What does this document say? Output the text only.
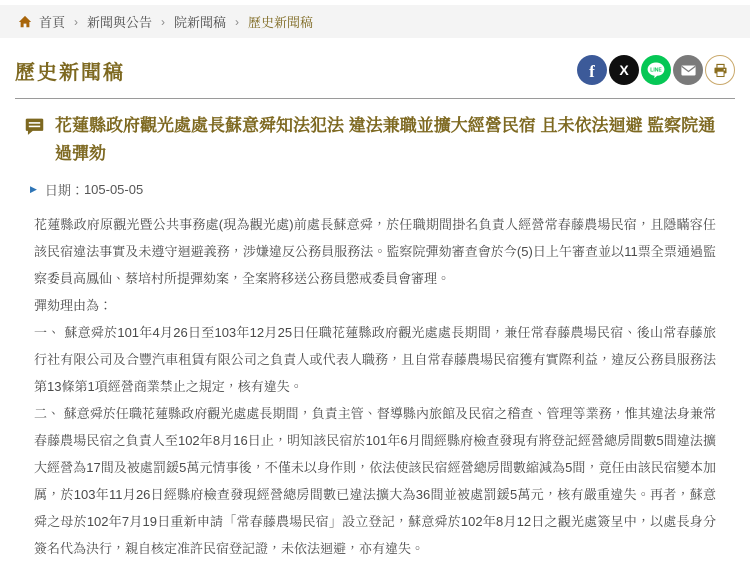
首頁 › 新聞與公告 › 院新聞稿 › 歷史新聞稿
歷史新聞稿	f X	LINE
花蓮縣政府觀光處處長蘇意舜知法犯法 違法兼職並擴大經營民宿 且未依法迴避 監察院通過彈劾
▶ 日期： 105-05-05

花蓮縣政府原觀光暨公共事務處(現為觀光處)前處長蘇意舜，於任職期間掛名負責人經營常春藤農場民宿，且隱瞞容任該民宿違法事實及未遵守迴避義務，涉嫌違反公務員服務法。監察院彈劾審查會於今(5)日上午審查並以11票全票通過監察委員高鳳仙、蔡培村所提彈劾案，全案將移送公務員懲戒委員會審理。

彈劾理由為：

一、 蘇意舜於101年4月26日至103年12月25日任職花蓮縣政府觀光處處長期間，兼任常春藤農場民宿、後山常春藤旅行社有限公司及合豐汽車租賃有限公司之負責人或代表人職務，且自常春藤農場民宿獲有實際利益，違反公務員服務法第13條第1項經營商業禁止之規定，核有違失。

二、 蘇意舜於任職花蓮縣政府觀光處處長期間，負責主管、督導縣內旅館及民宿之稽查、管理等業務，惟其違法身兼常春藤農場民宿之負責人至102年8月16日止，明知該民宿於101年6月間經縣府檢查發現有將登記經營總房間數5間違法擴大經營為17間及被處罰鍰5萬元情事後，不僅未以身作則，依法使該民宿經營總房間數縮減為5間，竟任由該民宿變本加厲，於103年11月26日經縣府檢查發現經營總房間數已違法擴大為36間並被處罰鍰5萬元，核有嚴重違失。再者，蘇意舜之母於102年7月19日重新申請「常春藤農場民宿」設立登記，蘇意舜於102年8月12日之觀光處簽呈中，以處長身分簽名代為決行，親自核定准許民宿登記證，未依法迴避，亦有違失。
